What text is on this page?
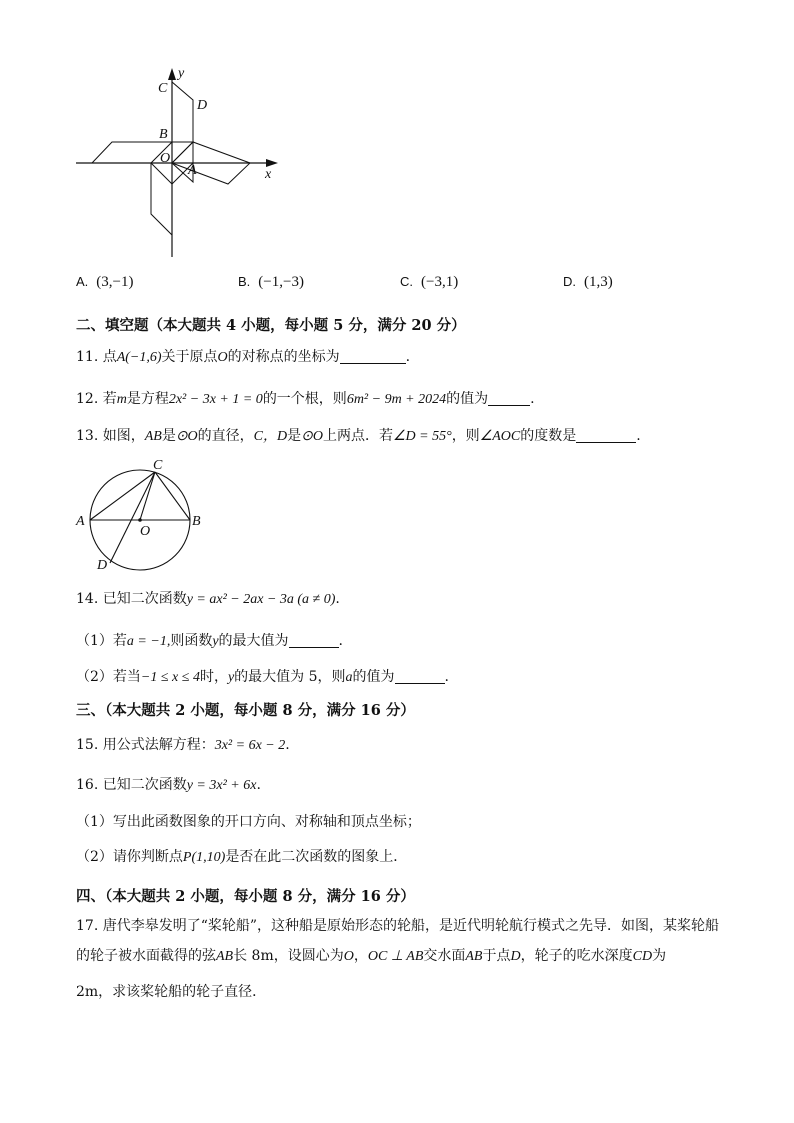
y
x
C
D
B
O
A
A. (3,−1)	B. (−1,−3)	C. (−3,1)	D. (1,3)
二、填空题（本大题共 4 小题，每小题 5 分，满分 20 分）
11. 点A(−1,6)关于原点O的对称点的坐标为	.
12. 若m是方程2x² − 3x + 1 = 0的一个根，则6m² − 9m + 2024的值为	.
13. 如图，AB是⊙O的直径，C，D是⊙O上两点．若∠D = 55°，则∠AOC的度数是	.
C
A
O
B
D
14. 已知二次函数y = ax² − 2ax − 3a (a ≠ 0).
（1）若a = −1,则函数y的最大值为	.
（2）若当−1 ≤ x ≤ 4时，y的最大值为 5，则a的值为	.
三、（本大题共 2 小题，每小题 8 分，满分 16 分）
15. 用公式法解方程：3x² = 6x − 2.
16. 已知二次函数y = 3x² + 6x.
（1）写出此函数图象的开口方向、对称轴和顶点坐标；
（2）请你判断点P(1,10)是否在此二次函数的图象上．
四、（本大题共 2 小题，每小题 8 分，满分 16 分）
17. 唐代李皋发明了“桨轮船”，这种船是原始形态的轮船，是近代明轮航行模式之先导．如图，某桨轮船
的轮子被水面截得的弦AB长 8m，设圆心为O，OC ⊥ AB交水面AB于点D，轮子的吃水深度CD为
2m，求该桨轮船的轮子直径．
